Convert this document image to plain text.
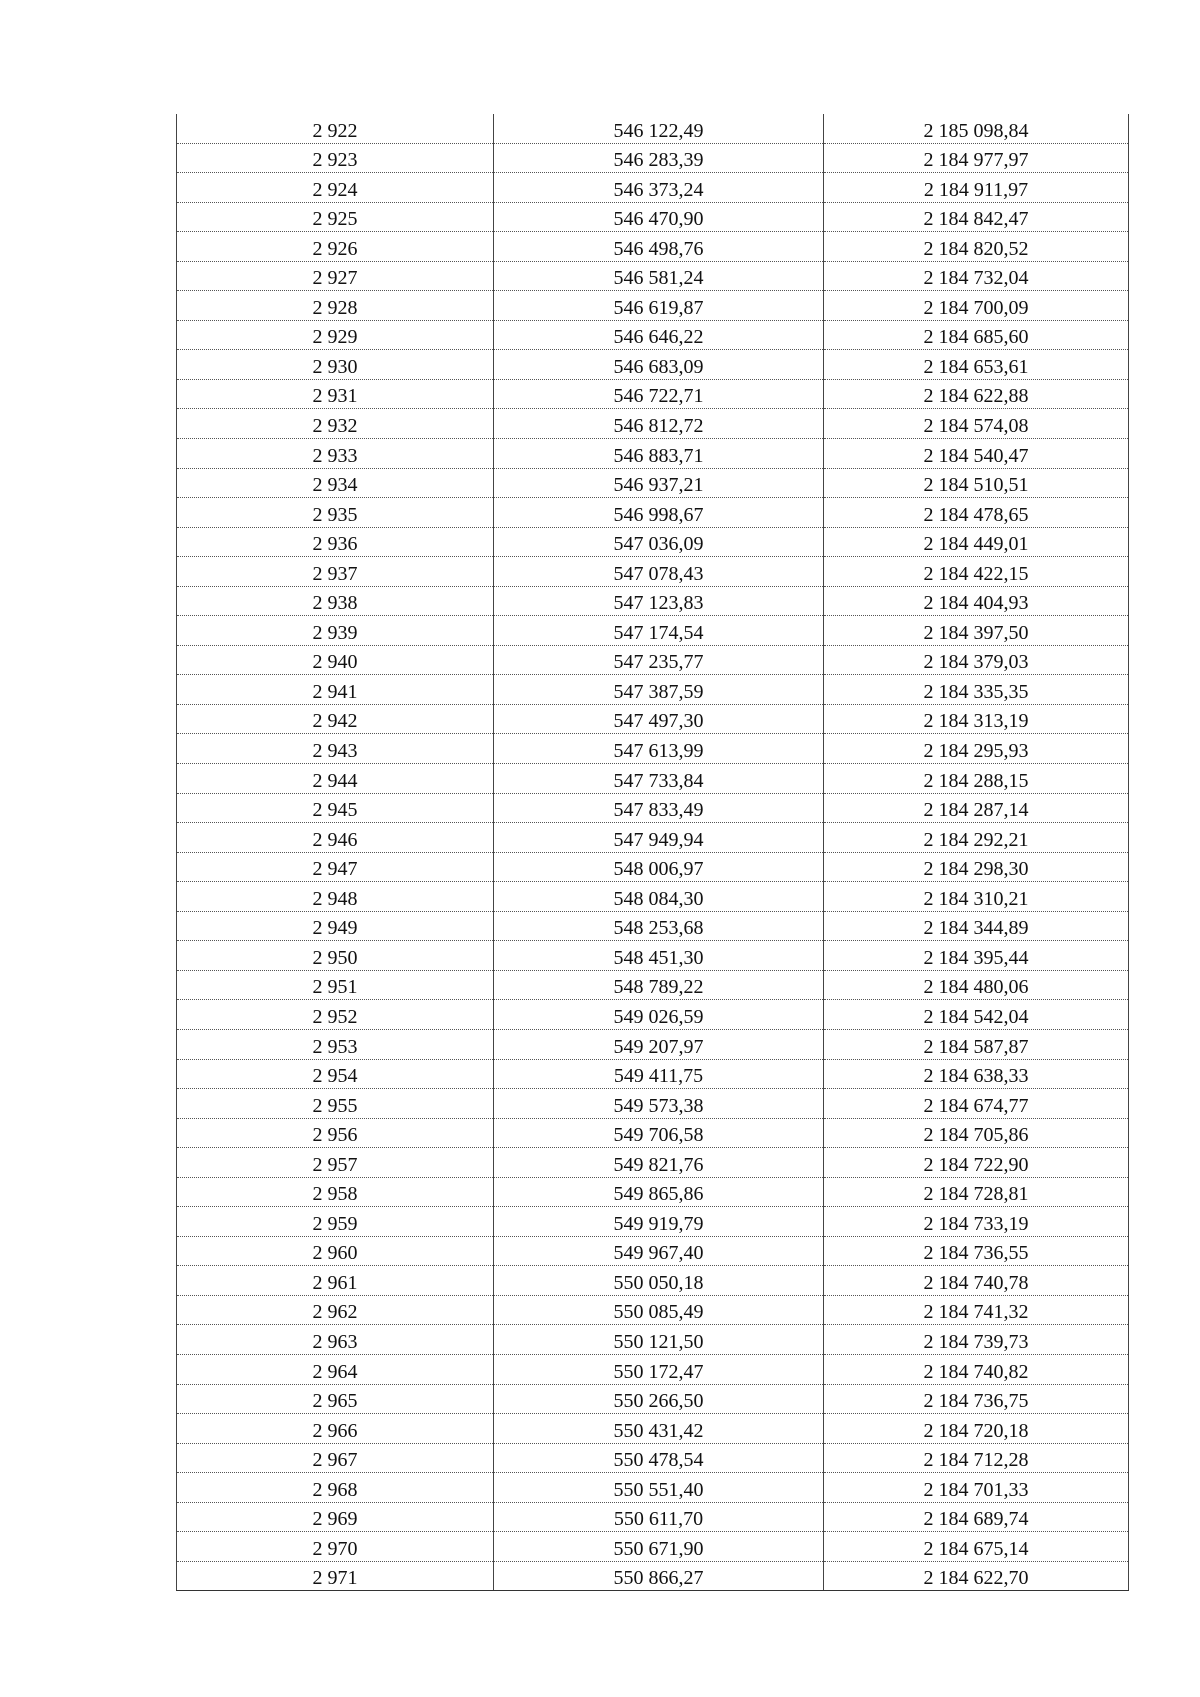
2 922	546 122,49	2 185 098,84
2 923	546 283,39	2 184 977,97
2 924	546 373,24	2 184 911,97
2 925	546 470,90	2 184 842,47
2 926	546 498,76	2 184 820,52
2 927	546 581,24	2 184 732,04
2 928	546 619,87	2 184 700,09
2 929	546 646,22	2 184 685,60
2 930	546 683,09	2 184 653,61
2 931	546 722,71	2 184 622,88
2 932	546 812,72	2 184 574,08
2 933	546 883,71	2 184 540,47
2 934	546 937,21	2 184 510,51
2 935	546 998,67	2 184 478,65
2 936	547 036,09	2 184 449,01
2 937	547 078,43	2 184 422,15
2 938	547 123,83	2 184 404,93
2 939	547 174,54	2 184 397,50
2 940	547 235,77	2 184 379,03
2 941	547 387,59	2 184 335,35
2 942	547 497,30	2 184 313,19
2 943	547 613,99	2 184 295,93
2 944	547 733,84	2 184 288,15
2 945	547 833,49	2 184 287,14
2 946	547 949,94	2 184 292,21
2 947	548 006,97	2 184 298,30
2 948	548 084,30	2 184 310,21
2 949	548 253,68	2 184 344,89
2 950	548 451,30	2 184 395,44
2 951	548 789,22	2 184 480,06
2 952	549 026,59	2 184 542,04
2 953	549 207,97	2 184 587,87
2 954	549 411,75	2 184 638,33
2 955	549 573,38	2 184 674,77
2 956	549 706,58	2 184 705,86
2 957	549 821,76	2 184 722,90
2 958	549 865,86	2 184 728,81
2 959	549 919,79	2 184 733,19
2 960	549 967,40	2 184 736,55
2 961	550 050,18	2 184 740,78
2 962	550 085,49	2 184 741,32
2 963	550 121,50	2 184 739,73
2 964	550 172,47	2 184 740,82
2 965	550 266,50	2 184 736,75
2 966	550 431,42	2 184 720,18
2 967	550 478,54	2 184 712,28
2 968	550 551,40	2 184 701,33
2 969	550 611,70	2 184 689,74
2 970	550 671,90	2 184 675,14
2 971	550 866,27	2 184 622,70
